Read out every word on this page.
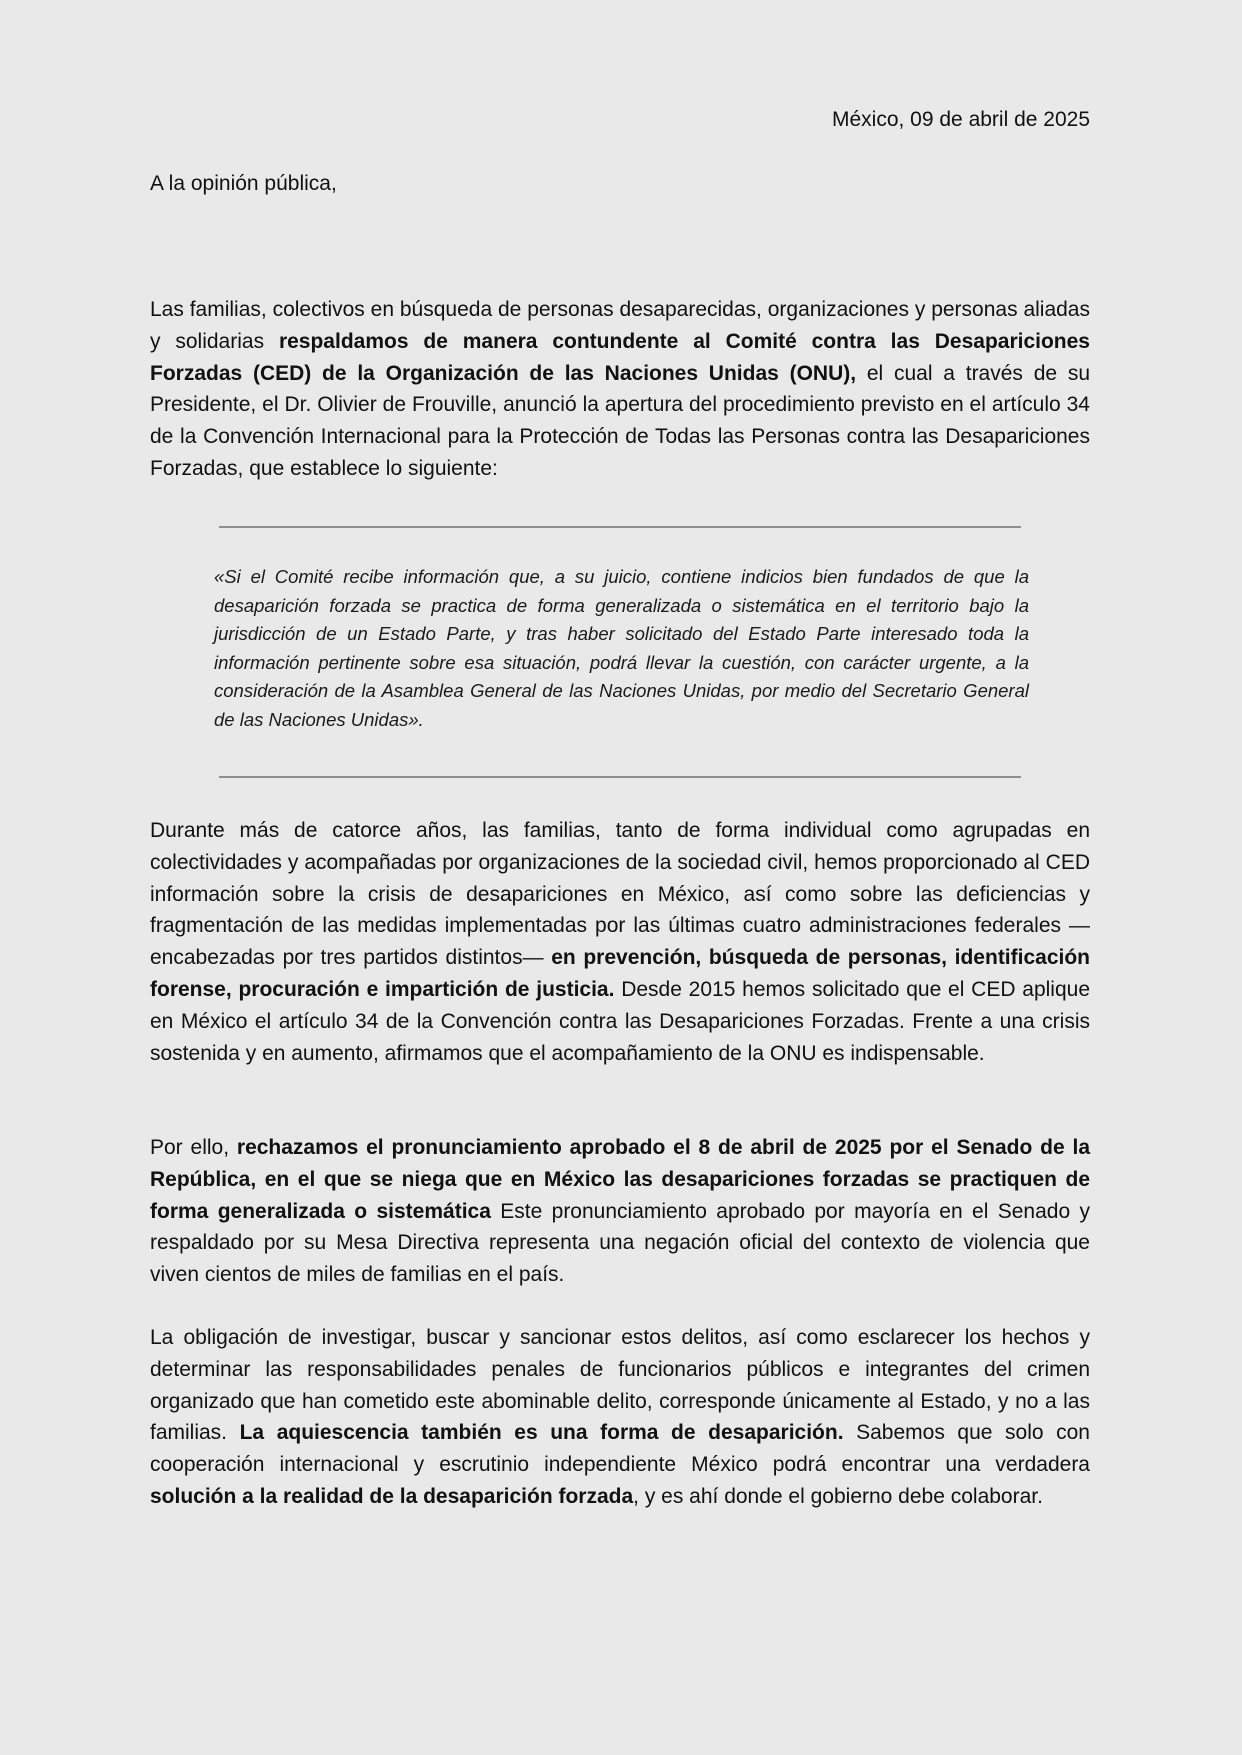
México, 09 de abril de 2025
A la opinión pública,

Las familias, colectivos en búsqueda de personas desaparecidas, organizaciones y personas aliadas y solidarias respaldamos de manera contundente al Comité contra las Desapariciones Forzadas (CED) de la Organización de las Naciones Unidas (ONU), el cual a través de su Presidente, el Dr. Olivier de Frouville, anunció la apertura del procedimiento previsto en el artículo 34 de la Convención Internacional para la Protección de Todas las Personas contra las Desapariciones Forzadas, que establece lo siguiente:

«Si el Comité recibe información que, a su juicio, contiene indicios bien fundados de que la desaparición forzada se practica de forma generalizada o sistemática en el territorio bajo la jurisdicción de un Estado Parte, y tras haber solicitado del Estado Parte interesado toda la información pertinente sobre esa situación, podrá llevar la cuestión, con carácter urgente, a la consideración de la Asamblea General de las Naciones Unidas, por medio del Secretario General de las Naciones Unidas».

Durante más de catorce años, las familias, tanto de forma individual como agrupadas en colectividades y acompañadas por organizaciones de la sociedad civil, hemos proporcionado al CED información sobre la crisis de desapariciones en México, así como sobre las deficiencias y fragmentación de las medidas implementadas por las últimas cuatro administraciones federales —encabezadas por tres partidos distintos— en prevención, búsqueda de personas, identificación forense, procuración e impartición de justicia. Desde 2015 hemos solicitado que el CED aplique en México el artículo 34 de la Convención contra las Desapariciones Forzadas. Frente a una crisis sostenida y en aumento, afirmamos que el acompañamiento de la ONU es indispensable.

Por ello, rechazamos el pronunciamiento aprobado el 8 de abril de 2025 por el Senado de la República, en el que se niega que en México las desapariciones forzadas se practiquen de forma generalizada o sistemática Este pronunciamiento aprobado por mayoría en el Senado y respaldado por su Mesa Directiva representa una negación oficial del contexto de violencia que viven cientos de miles de familias en el país.

La obligación de investigar, buscar y sancionar estos delitos, así como esclarecer los hechos y determinar las responsabilidades penales de funcionarios públicos e integrantes del crimen organizado que han cometido este abominable delito, corresponde únicamente al Estado, y no a las familias. La aquiescencia también es una forma de desaparición. Sabemos que solo con cooperación internacional y escrutinio independiente México podrá encontrar una verdadera solución a la realidad de la desaparición forzada, y es ahí donde el gobierno debe colaborar.
